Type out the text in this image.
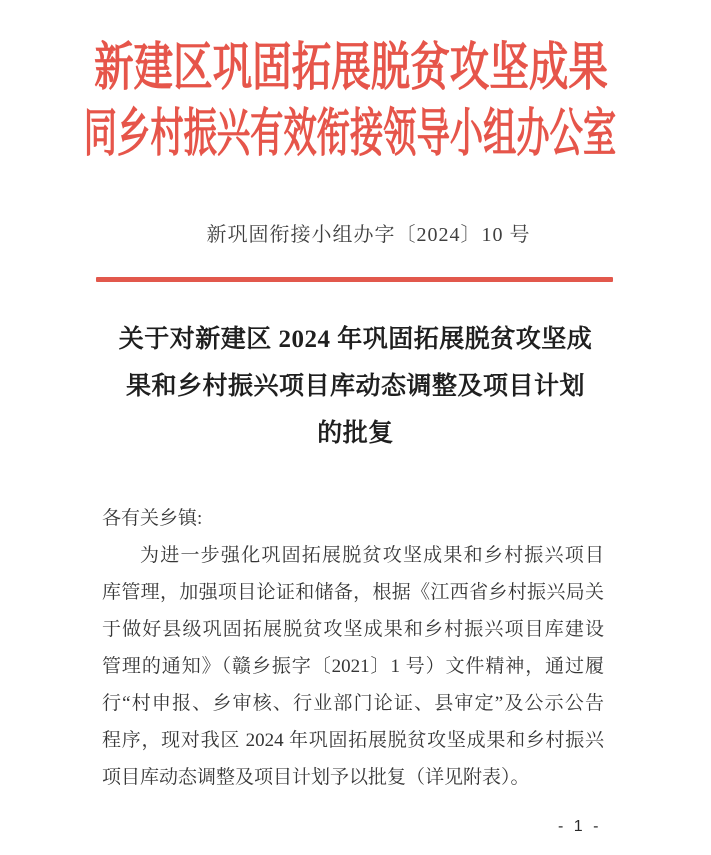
新建区巩固拓展脱贫攻坚成果
同乡村振兴有效衔接领导小组办公室
新巩固衔接小组办字〔2024〕10 号
关于对新建区 2024 年巩固拓展脱贫攻坚成
果和乡村振兴项目库动态调整及项目计划
的批复
各有关乡镇:
为进一步强化巩固拓展脱贫攻坚成果和乡村振兴项目
库管理，加强项目论证和储备，根据《江西省乡村振兴局关
于做好县级巩固拓展脱贫攻坚成果和乡村振兴项目库建设
管理的通知》（赣乡振字〔2021〕1 号）文件精神，通过履
行“村申报、乡审核、行业部门论证、县审定”及公示公告
程序，现对我区 2024 年巩固拓展脱贫攻坚成果和乡村振兴
项目库动态调整及项目计划予以批复（详见附表）。
- 1 -
